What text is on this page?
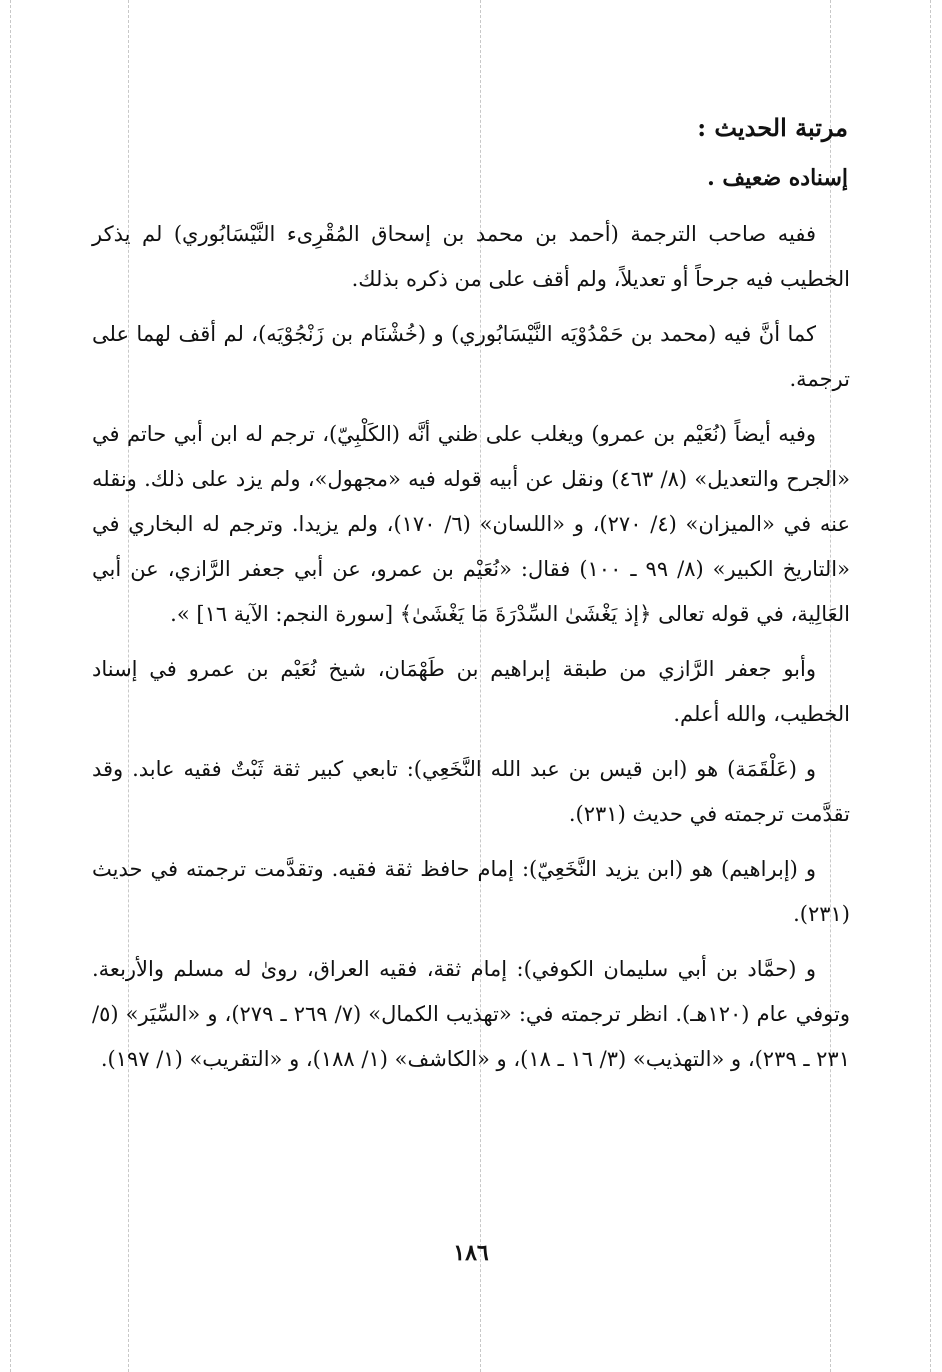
مرتبة الحديث :
إسناده ضعيف .

ففيه صاحب الترجمة (أحمد بن محمد بن إسحاق المُقْرِىء النَّيْسَابُوري) لم يذكر الخطيب فيه جرحاً أو تعديلاً، ولم أقف على من ذكره بذلك.

كما أنَّ فيه (محمد بن حَمْدُوْيَه النَّيْسَابُوري) و (خُشْنَام بن زَنْجُوْيَه)، لم أقف لهما على ترجمة.

وفيه أيضاً (نُعَيْم بن عمرو) ويغلب على ظني أنَّه (الكَلْبِيّ)، ترجم له ابن أبي حاتم في «الجرح والتعديل» (٨/ ٤٦٣) ونقل عن أبيه قوله فيه «مجهول»، ولم يزد على ذلك. ونقله عنه في «الميزان» (٤/ ٢٧٠)، و «اللسان» (٦/ ١٧٠)، ولم يزيدا. وترجم له البخاري في «التاريخ الكبير» (٨/ ٩٩ ـ ١٠٠) فقال: «نُعَيْم بن عمرو، عن أبي جعفر الرَّازي، عن أبي العَالِية، في قوله تعالى ﴿إذ يَغْشَىٰ السِّدْرَةَ مَا يَغْشَىٰ﴾ [سورة النجم: الآية ١٦] ».

وأبو جعفر الرَّازي من طبقة إبراهيم بن طَهْمَان، شيخ نُعَيْم بن عمرو في إسناد الخطيب، والله أعلم.

و (عَلْقَمَة) هو (ابن قيس بن عبد الله النَّخَعِي): تابعي كبير ثقة ثَبْتٌ فقيه عابد. وقد تقدَّمت ترجمته في حديث (٢٣١).

و (إبراهيم) هو (ابن يزيد النَّخَعِيّ): إمام حافظ ثقة فقيه. وتقدَّمت ترجمته في حديث (٢٣١).

و (حمَّاد بن أبي سليمان الكوفي): إمام ثقة، فقيه العراق، روىٰ له مسلم والأربعة. وتوفي عام (١٢٠هـ). انظر ترجمته في: «تهذيب الكمال» (٧/ ٢٦٩ ـ ٢٧٩)، و «السِّيَر» (٥/ ٢٣١ ـ ٢٣٩)، و «التهذيب» (٣/ ١٦ ـ ١٨)، و «الكاشف» (١/ ١٨٨)، و «التقريب» (١/ ١٩٧).

١٨٦
